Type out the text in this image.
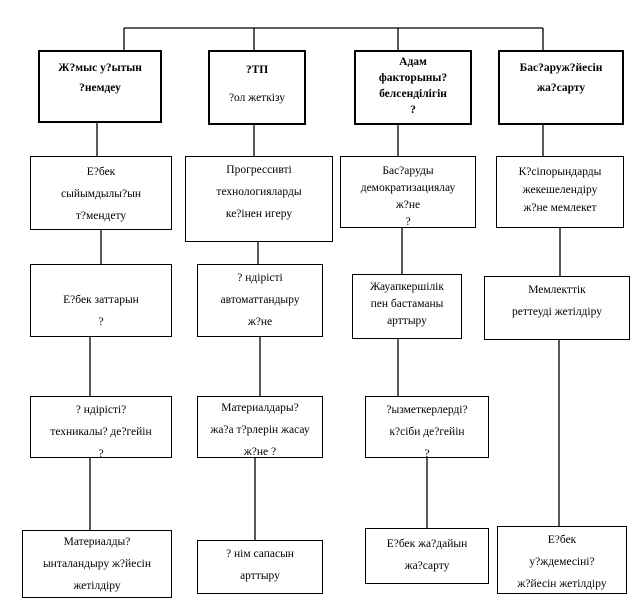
Ж?мыс у?ытын
?немдеу
Е?бек
сыйымдылы?ын
т?мендету
Е?бек заттарын
?
? ндірісті?
техникалы? де?гейін
?
Материалды?
ынталандыру ж?йесін
жетілдіру
?ТП
?ол жеткізу
Прогрессивті
технологияларды
ке?інен игеру
? ндірісті
автоматтандыру
ж?не
Материалдары?
жа?а т?рлерін жасау
ж?не ?
? нім сапасын
арттыру
Адам
факторыны?
белсенділігін
?
Бас?аруды
демократизациялау
ж?не
?
Жауапкершілік
пен бастаманы
арттыру
?ызметкерлерді?
к?сіби де?гейін
?
Е?бек жа?дайын
жа?сарту
Бас?аруж?йесін
жа?сарту
К?сіпорындарды
жекешелендіру
ж?не мемлекет
Мемлекттік
реттеуді жетілдіру
Е?бек
у?ждемесіні?
ж?йесін жетілдіру
